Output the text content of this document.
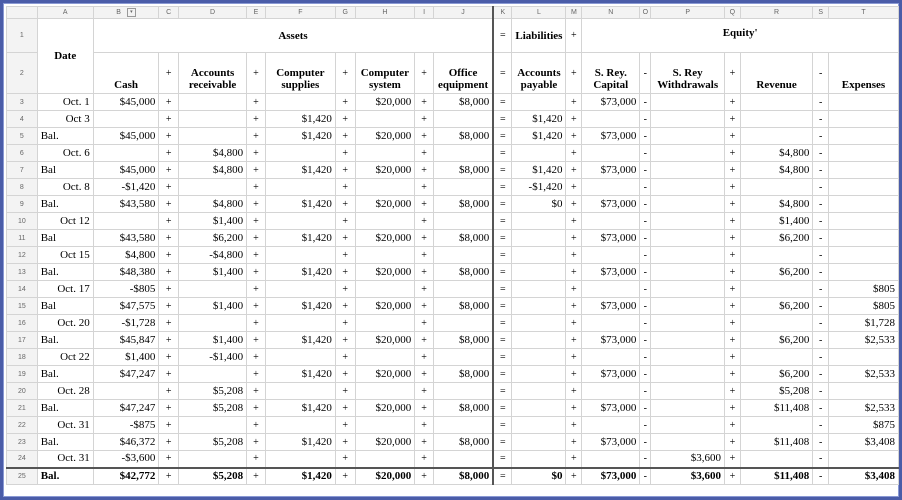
	A	B ▾	C	D	E	F	G	H	I	J	K	L	M	N	O	P	Q	R	S	T
1	Date	Assets									=	Liabilities	+	Equity'						
2		Cash	+	Accounts receivable	+	Computer supplies	+	Computer system	+	Office equipment	=	Accounts payable	+	S. Rey. Capital	-	S. Rey Withdrawals	+	Revenue	-	Expenses
3	Oct. 1	$45,000	+		+		+	$20,000	+	$8,000	=		+	$73,000	-		+		-	
4	Oct 3		+		+	$1,420	+		+		=	$1,420	+		-		+		-	
5	Bal.	$45,000	+		+	$1,420	+	$20,000	+	$8,000	=	$1,420	+	$73,000	-		+		-	
6	Oct. 6		+	$4,800	+		+		+		=		+		-		+	$4,800	-	
7	Bal	$45,000	+	$4,800	+	$1,420	+	$20,000	+	$8,000	=	$1,420	+	$73,000	-		+	$4,800	-	
8	Oct. 8	-$1,420	+		+		+		+		=	-$1,420	+		-		+		-	
9	Bal.	$43,580	+	$4,800	+	$1,420	+	$20,000	+	$8,000	=	$0	+	$73,000	-		+	$4,800	-	
10	Oct 12		+	$1,400	+		+		+		=		+		-		+	$1,400	-	
11	Bal	$43,580	+	$6,200	+	$1,420	+	$20,000	+	$8,000	=		+	$73,000	-		+	$6,200	-	
12	Oct 15	$4,800	+	-$4,800	+		+		+		=		+		-		+		-	
13	Bal.	$48,380	+	$1,400	+	$1,420	+	$20,000	+	$8,000	=		+	$73,000	-		+	$6,200	-	
14	Oct. 17	-$805	+		+		+		+		=		+		-		+		-	$805
15	Bal	$47,575	+	$1,400	+	$1,420	+	$20,000	+	$8,000	=		+	$73,000	-		+	$6,200	-	$805
16	Oct. 20	-$1,728	+		+		+		+		=		+		-		+		-	$1,728
17	Bal.	$45,847	+	$1,400	+	$1,420	+	$20,000	+	$8,000	=		+	$73,000	-		+	$6,200	-	$2,533
18	Oct 22	$1,400	+	-$1,400	+		+		+		=		+		-		+		-	
19	Bal.	$47,247	+		+	$1,420	+	$20,000	+	$8,000	=		+	$73,000	-		+	$6,200	-	$2,533
20	Oct. 28		+	$5,208	+		+		+		=		+		-		+	$5,208	-	
21	Bal.	$47,247	+	$5,208	+	$1,420	+	$20,000	+	$8,000	=		+	$73,000	-		+	$11,408	-	$2,533
22	Oct. 31	-$875	+		+		+		+		=		+		-		+		-	$875
23	Bal.	$46,372	+	$5,208	+	$1,420	+	$20,000	+	$8,000	=		+	$73,000	-		+	$11,408	-	$3,408
24	Oct. 31	-$3,600	+		+		+		+		=		+		-	$3,600	+		-	
25	Bal.	$42,772	+	$5,208	+	$1,420	+	$20,000	+	$8,000	=	$0	+	$73,000	-	$3,600	+	$11,408	-	$3,408
